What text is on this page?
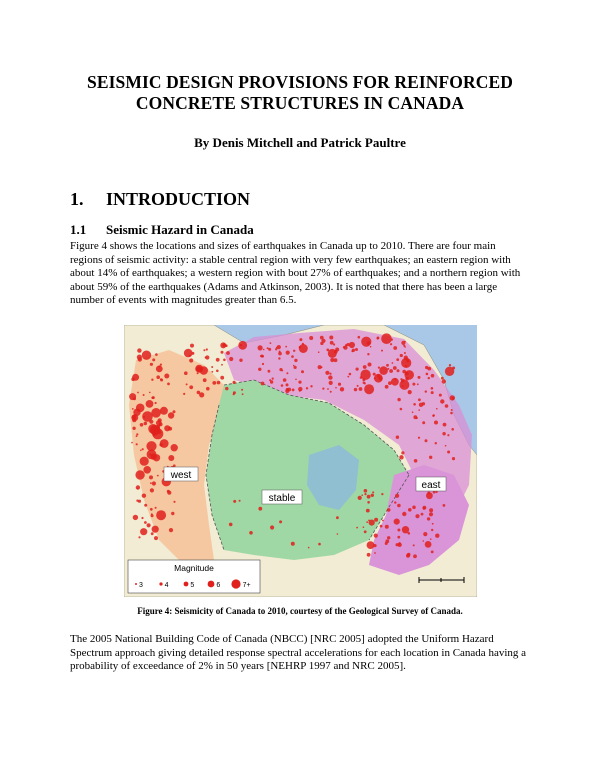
SEISMIC DESIGN PROVISIONS FOR REINFORCED
CONCRETE STRUCTURES IN CANADA
By Denis Mitchell and Patrick Paultre
1. INTRODUCTION
1.1 Seismic Hazard in Canada
Figure 4 shows the locations and sizes of earthquakes in Canada up to 2010. There are four main regions of seismic activity: a stable central region with very few earthquakes; an eastern region with about 14% of earthquakes; a western region with bout 27% of earthquakes; and a northern region with about 59% of the earthquakes (Adams and Atkinson, 2003). It is noted that there has been a large number of events with magnitudes greater than 6.5.
west
stable
east
Magnitude
3	4	5	6	7+
Figure 4: Seismicity of Canada to 2010, courtesy of the Geological Survey of Canada.
The 2005 National Building Code of Canada (NBCC) [NRC 2005] adopted the Uniform Hazard Spectrum approach giving detailed response spectral accelerations for each location in Canada having a probability of exceedance of 2% in 50 years [NEHRP 1997 and NRC 2005].
